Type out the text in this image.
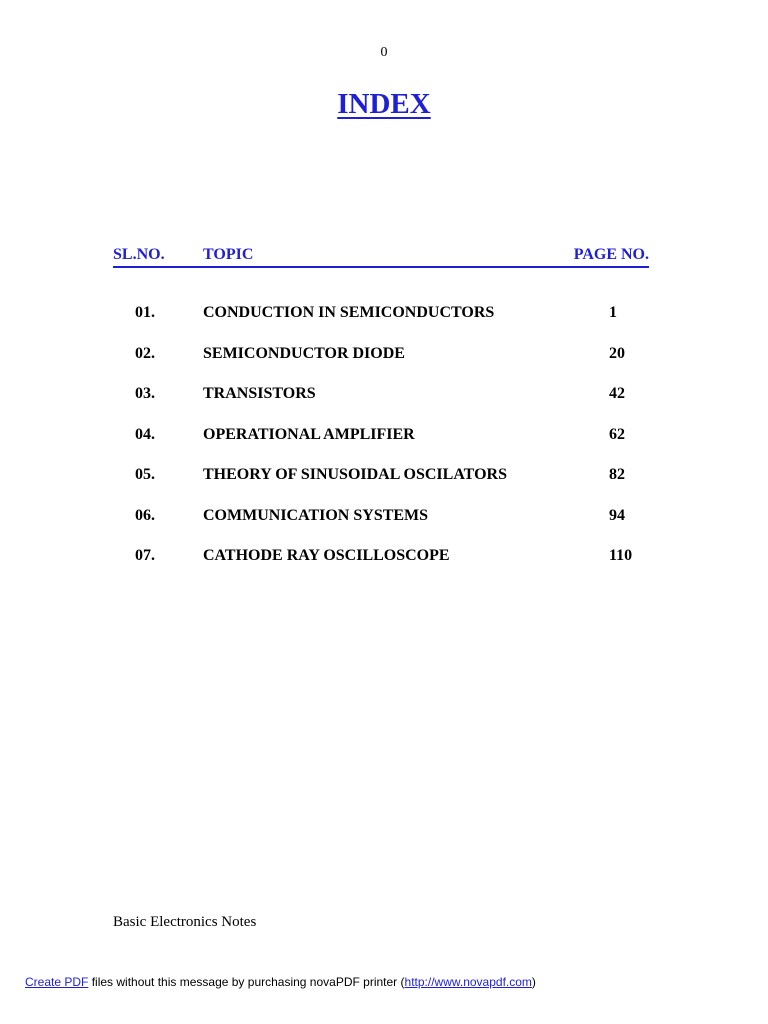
0
INDEX
SL.NO. TOPIC	PAGE NO.
01.	CONDUCTION IN SEMICONDUCTORS	1
02.	SEMICONDUCTOR DIODE	20
03.	TRANSISTORS	42
04.	OPERATIONAL AMPLIFIER	62
05.	THEORY OF SINUSOIDAL OSCILATORS	82
06.	COMMUNICATION SYSTEMS	94
07.	CATHODE RAY OSCILLOSCOPE	110
Basic Electronics Notes
Create PDF files without this message by purchasing novaPDF printer (http://www.novapdf.com)
